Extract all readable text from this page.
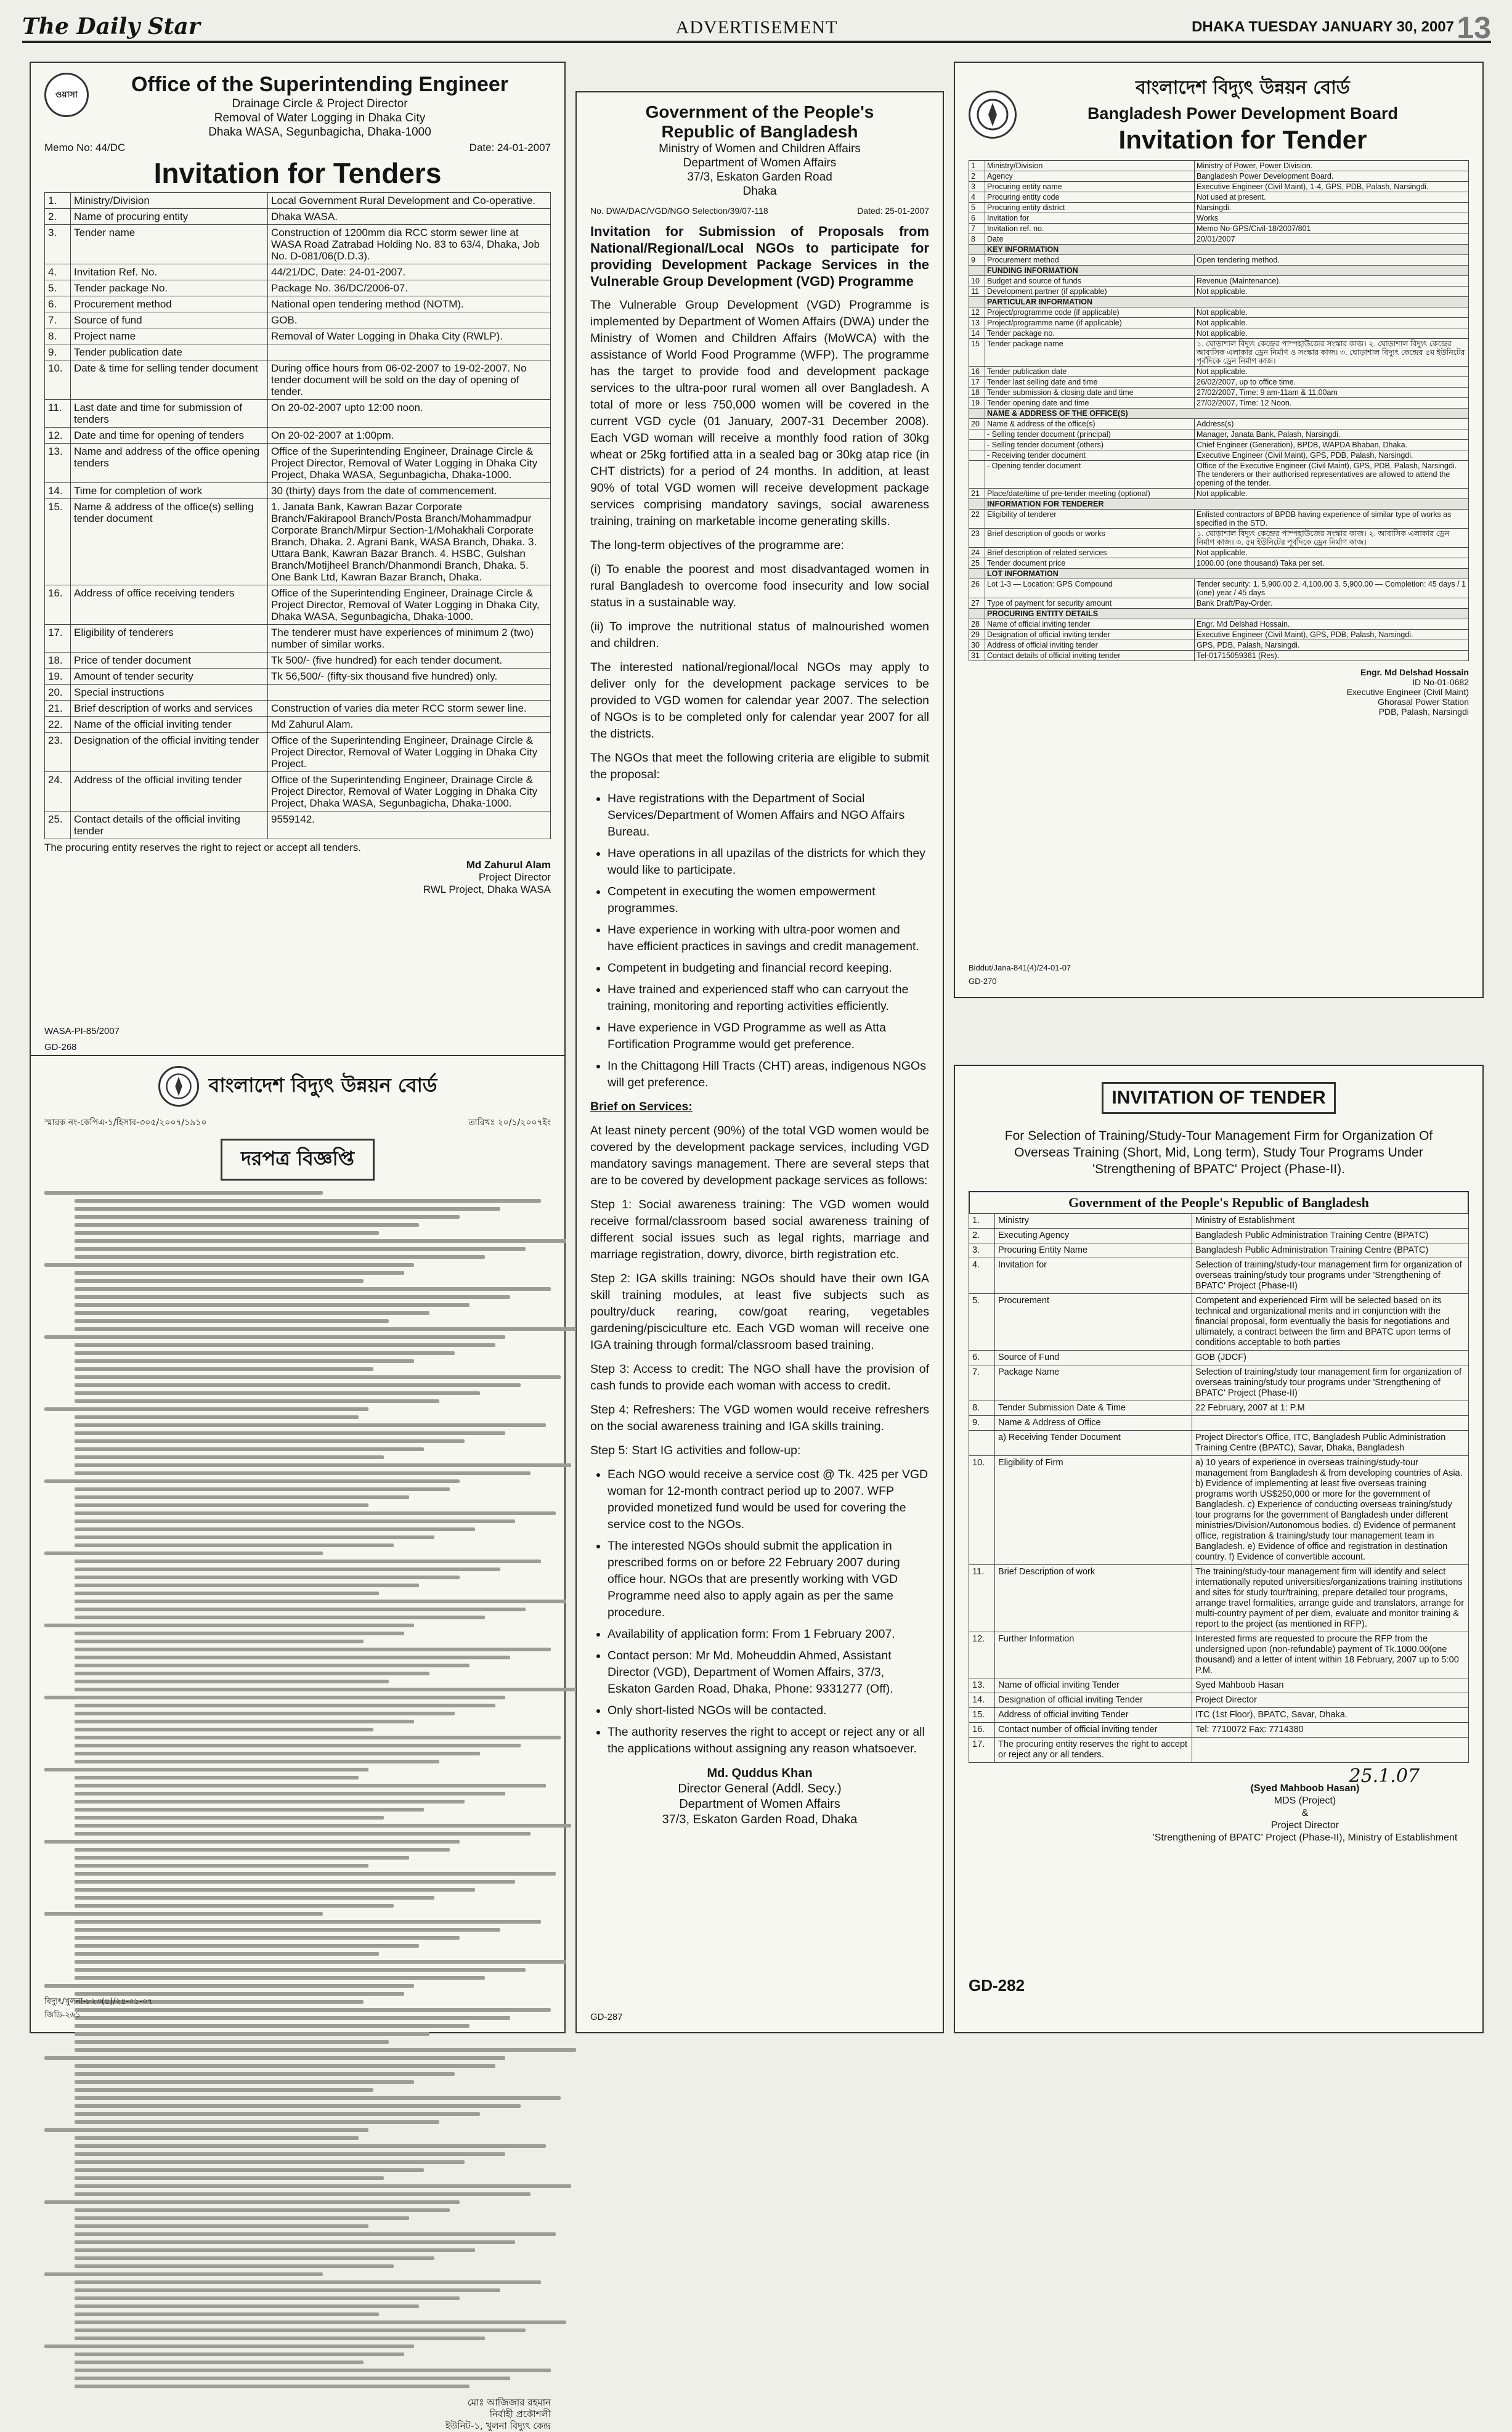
The Daily Star	ADVERTISEMENT	DHAKA TUESDAY JANUARY 30, 2007 13
ওয়াসা	Office of the Superintending Engineer
Drainage Circle & Project Director
Removal of Water Logging in Dhaka City
Dhaka WASA, Segunbagicha, Dhaka-1000
Memo No: 44/DC	Date: 24-01-2007
Invitation for Tenders
1.	Ministry/Division	Local Government Rural Development and Co-operative.
2.	Name of procuring entity	Dhaka WASA.
3.	Tender name	Construction of 1200mm dia RCC storm sewer line at WASA Road Zatrabad Holding No. 83 to 63/4, Dhaka, Job No. D-081/06(D.D.3).
4.	Invitation Ref. No.	44/21/DC, Date: 24-01-2007.
5.	Tender package No.	Package No. 36/DC/2006-07.
6.	Procurement method	National open tendering method (NOTM).
7.	Source of fund	GOB.
8.	Project name	Removal of Water Logging in Dhaka City (RWLP).
9.	Tender publication date	
10.	Date & time for selling tender document	During office hours from 06-02-2007 to 19-02-2007. No tender document will be sold on the day of opening of tender.
11.	Last date and time for submission of tenders	On 20-02-2007 upto 12:00 noon.
12.	Date and time for opening of tenders	On 20-02-2007 at 1:00pm.
13.	Name and address of the office opening tenders	Office of the Superintending Engineer, Drainage Circle & Project Director, Removal of Water Logging in Dhaka City Project, Dhaka WASA, Segunbagicha, Dhaka-1000.
14.	Time for completion of work	30 (thirty) days from the date of commencement.
15.	Name & address of the office(s) selling tender document	1. Janata Bank, Kawran Bazar Corporate Branch/Fakirapool Branch/Posta Branch/Mohammadpur Corporate Branch/Mirpur Section-1/Mohakhali Corporate Branch, Dhaka. 2. Agrani Bank, WASA Branch, Dhaka. 3. Uttara Bank, Kawran Bazar Branch. 4. HSBC, Gulshan Branch/Motijheel Branch/Dhanmondi Branch, Dhaka. 5. One Bank Ltd, Kawran Bazar Branch, Dhaka.
16.	Address of office receiving tenders	Office of the Superintending Engineer, Drainage Circle & Project Director, Removal of Water Logging in Dhaka City, Dhaka WASA, Segunbagicha, Dhaka-1000.
17.	Eligibility of tenderers	The tenderer must have experiences of minimum 2 (two) number of similar works.
18.	Price of tender document	Tk 500/- (five hundred) for each tender document.
19.	Amount of tender security	Tk 56,500/- (fifty-six thousand five hundred) only.
20.	Special instructions	
21.	Brief description of works and services	Construction of varies dia meter RCC storm sewer line.
22.	Name of the official inviting tender	Md Zahurul Alam.
23.	Designation of the official inviting tender	Office of the Superintending Engineer, Drainage Circle & Project Director, Removal of Water Logging in Dhaka City Project.
24.	Address of the official inviting tender	Office of the Superintending Engineer, Drainage Circle & Project Director, Removal of Water Logging in Dhaka City Project, Dhaka WASA, Segunbagicha, Dhaka-1000.
25.	Contact details of the official inviting tender	9559142.
The procuring entity reserves the right to reject or accept all tenders.
Md Zahurul Alam
Project Director
RWL Project, Dhaka WASA
WASA-PI-85/2007
GD-268
Government of the People's
Republic of Bangladesh
Ministry of Women and Children Affairs
Department of Women Affairs
37/3, Eskaton Garden Road
Dhaka
No. DWA/DAC/VGD/NGO Selection/39/07-118	Dated: 25-01-2007
Invitation for Submission of Proposals from National/Regional/Local NGOs to participate for providing Development Package Services in the Vulnerable Group Development (VGD) Programme
The Vulnerable Group Development (VGD) Programme is implemented by Department of Women Affairs (DWA) under the Ministry of Women and Children Affairs (MoWCA) with the assistance of World Food Programme (WFP). The programme has the target to provide food and development package services to the ultra-poor rural women all over Bangladesh. A total of more or less 750,000 women will be covered in the current VGD cycle (01 January, 2007-31 December 2008). Each VGD woman will receive a monthly food ration of 30kg wheat or 25kg fortified atta in a sealed bag or 30kg atap rice (in CHT districts) for a period of 24 months. In addition, at least 90% of total VGD women will receive development package services comprising mandatory savings, social awareness training, training on marketable income generating skills.
The long-term objectives of the programme are:
(i) To enable the poorest and most disadvantaged women in rural Bangladesh to overcome food insecurity and low social status in a sustainable way.
(ii) To improve the nutritional status of malnourished women and children.
The interested national/regional/local NGOs may apply to deliver only for the development package services to be provided to VGD women for calendar year 2007. The selection of NGOs is to be completed only for calendar year 2007 for all the districts.
The NGOs that meet the following criteria are eligible to submit the proposal:
• Have registrations with the Department of Social Services/Department of Women Affairs and NGO Affairs Bureau.
• Have operations in all upazilas of the districts for which they would like to participate.
• Competent in executing the women empowerment programmes.
• Have experience in working with ultra-poor women and have efficient practices in savings and credit management.
• Competent in budgeting and financial record keeping.
• Have trained and experienced staff who can carryout the training, monitoring and reporting activities efficiently.
• Have experience in VGD Programme as well as Atta Fortification Programme would get preference.
• In the Chittagong Hill Tracts (CHT) areas, indigenous NGOs will get preference.
Brief on Services:
At least ninety percent (90%) of the total VGD women would be covered by the development package services, including VGD mandatory savings management. There are several steps that are to be covered by development package services as follows:
Step 1: Social awareness training: The VGD women would receive formal/classroom based social awareness training of different social issues such as legal rights, marriage and marriage registration, dowry, divorce, birth registration etc.
Step 2: IGA skills training: NGOs should have their own IGA skill training modules, at least five subjects such as poultry/duck rearing, cow/goat rearing, vegetables gardening/pisciculture etc. Each VGD woman will receive one IGA training through formal/classroom based training.
Step 3: Access to credit: The NGO shall have the provision of cash funds to provide each woman with access to credit.
Step 4: Refreshers: The VGD women would receive refreshers on the social awareness training and IGA skills training.
Step 5: Start IG activities and follow-up:
• Each NGO would receive a service cost @ Tk. 425 per VGD woman for 12-month contract period up to 2007. WFP provided monetized fund would be used for covering the service cost to the NGOs.
• The interested NGOs should submit the application in prescribed forms on or before 22 February 2007 during office hour. NGOs that are presently working with VGD Programme need also to apply again as per the same procedure.
• Availability of application form: From 1 February 2007.
• Contact person: Mr Md. Moheuddin Ahmed, Assistant Director (VGD), Department of Women Affairs, 37/3, Eskaton Garden Road, Dhaka, Phone: 9331277 (Off).
• Only short-listed NGOs will be contacted.
• The authority reserves the right to accept or reject any or all the applications without assigning any reason whatsoever.
Md. Quddus Khan
Director General (Addl. Secy.)
Department of Women Affairs
37/3, Eskaton Garden Road, Dhaka
GD-287
বাংলাদেশ বিদ্যুৎ উন্নয়ন বোর্ড
Bangladesh Power Development Board
Invitation for Tender
1	Ministry/Division	Ministry of Power, Power Division.
2	Agency	Bangladesh Power Development Board.
3	Procuring entity name	Executive Engineer (Civil Maint), 1-4, GPS, PDB, Palash, Narsingdi.
4	Procuring entity code	Not used at present.
5	Procuring entity district	Narsingdi.
6	Invitation for	Works
7	Invitation ref. no.	Memo No-GPS/Civil-18/2007/801
8	Date	20/01/2007
	KEY INFORMATION	
9	Procurement method	Open tendering method.
	FUNDING INFORMATION	
10	Budget and source of funds	Revenue (Maintenance).
11	Development partner (if applicable)	Not applicable.
	PARTICULAR INFORMATION	
12	Project/programme code (if applicable)	Not applicable.
13	Project/programme name (if applicable)	Not applicable.
14	Tender package no.	Not applicable.
15	Tender package name	১. ঘোড়াশাল বিদ্যুৎ কেন্দ্রের পাম্পহাউজের সংস্কার কাজ। ২. ঘোড়াশাল বিদ্যুৎ কেন্দ্রের আবাসিক এলাকার ড্রেন নির্মাণ ও সংস্কার কাজ। ৩. ঘোড়াশাল বিদ্যুৎ কেন্দ্রের ৫ম ইউনিটের পূর্বদিকে ড্রেন নির্মাণ কাজ।
16	Tender publication date	Not applicable.
17	Tender last selling date and time	26/02/2007, up to office time.
18	Tender submission & closing date and time	27/02/2007, Time: 9 am-11am & 11.00am
19	Tender opening date and time	27/02/2007, Time: 12 Noon.
	NAME & ADDRESS OF THE OFFICE(S)	
20	Name & address of the office(s)	Address(s)
	- Selling tender document (principal)	Manager, Janata Bank, Palash, Narsingdi.
	- Selling tender document (others)	Chief Engineer (Generation), BPDB, WAPDA Bhaban, Dhaka.
	- Receiving tender document	Executive Engineer (Civil Maint), GPS, PDB, Palash, Narsingdi.
	- Opening tender document	Office of the Executive Engineer (Civil Maint), GPS, PDB, Palash, Narsingdi. The tenderers or their authorised representatives are allowed to attend the opening of the tender.
21	Place/date/time of pre-tender meeting (optional)	Not applicable.
	INFORMATION FOR TENDERER	
22	Eligibility of tenderer	Enlisted contractors of BPDB having experience of similar type of works as specified in the STD.
23	Brief description of goods or works	১. ঘোড়াশাল বিদ্যুৎ কেন্দ্রের পাম্পহাউজের সংস্কার কাজ। ২. আবাসিক এলাকার ড্রেন নির্মাণ কাজ। ৩. ৫ম ইউনিটের পূর্বদিকে ড্রেন নির্মাণ কাজ।
24	Brief description of related services	Not applicable.
25	Tender document price	1000.00 (one thousand) Taka per set.
	LOT INFORMATION	
26	Lot 1-3 — Location: GPS Compound	Tender security: 1. 5,900.00 2. 4,100.00 3. 5,900.00 — Completion: 45 days / 1 (one) year / 45 days
27	Type of payment for security amount	Bank Draft/Pay-Order.
	PROCURING ENTITY DETAILS	
28	Name of official inviting tender	Engr. Md Delshad Hossain.
29	Designation of official inviting tender	Executive Engineer (Civil Maint), GPS, PDB, Palash, Narsingdi.
30	Address of official inviting tender	GPS, PDB, Palash, Narsingdi.
31	Contact details of official inviting tender	Tel-01715059361 (Res).
Engr. Md Delshad Hossain
ID No-01-0682
Executive Engineer (Civil Maint)
Ghorasal Power Station
PDB, Palash, Narsingdi
Biddut/Jana-841(4)/24-01-07
GD-270
বাংলাদেশ বিদ্যুৎ উন্নয়ন বোর্ড
স্মারক নং-কেপিএ-১/হিসাব-৩০৫/২০০৭/১৯১০	তারিখঃ ২০/১/২০০৭ইং
দরপত্র বিজ্ঞপ্তি
মোঃ আজিজার রহমান
নির্বাহী প্রকৌশলী
ইউনিট-১, খুলনা বিদ্যুৎ কেন্দ্র
বিদ্যুৎ/খুলনা-৮২৩(৪)/২৪-০১-০৭
জিডি-২৬১
INVITATION OF TENDER
For Selection of Training/Study-Tour Management Firm for Organization Of Overseas Training (Short, Mid, Long term), Study Tour Programs Under 'Strengthening of BPATC' Project (Phase-II).
Government of the People's Republic of Bangladesh
1.	Ministry	Ministry of Establishment
2.	Executing Agency	Bangladesh Public Administration Training Centre (BPATC)
3.	Procuring Entity Name	Bangladesh Public Administration Training Centre (BPATC)
4.	Invitation for	Selection of training/study-tour management firm for organization of overseas training/study tour programs under 'Strengthening of BPATC' Project (Phase-II)
5.	Procurement	Competent and experienced Firm will be selected based on its technical and organizational merits and in conjunction with the financial proposal, form eventually the basis for negotiations and ultimately, a contract between the firm and BPATC upon terms of conditions acceptable to both parties
6.	Source of Fund	GOB (JDCF)
7.	Package Name	Selection of training/study tour management firm for organization of overseas training/study tour programs under 'Strengthening of BPATC' Project (Phase-II)
8.	Tender Submission Date & Time	22 February, 2007 at 1: P.M
9.	Name & Address of Office	
	a) Receiving Tender Document	Project Director's Office, ITC, Bangladesh Public Administration Training Centre (BPATC), Savar, Dhaka, Bangladesh
10.	Eligibility of Firm	a) 10 years of experience in overseas training/study-tour management from Bangladesh & from developing countries of Asia. b) Evidence of implementing at least five overseas training programs worth US$250,000 or more for the government of Bangladesh. c) Experience of conducting overseas training/study tour programs for the government of Bangladesh under different ministries/Division/Autonomous bodies. d) Evidence of permanent office, registration & training/study tour management team in Bangladesh. e) Evidence of office and registration in destination country. f) Evidence of convertible account.
11.	Brief Description of work	The training/study-tour management firm will identify and select internationally reputed universities/organizations training institutions and sites for study tour/training, prepare detailed tour programs, arrange travel formalities, arrange guide and translators, arrange for multi-country payment of per diem, evaluate and monitor training & report to the project (as mentioned in RFP).
12.	Further Information	Interested firms are requested to procure the RFP from the undersigned upon (non-refundable) payment of Tk.1000.00(one thousand) and a letter of intent within 18 February, 2007 up to 5:00 P.M.
13.	Name of official inviting Tender	Syed Mahboob Hasan
14.	Designation of official inviting Tender	Project Director
15.	Address of official inviting Tender	ITC (1st Floor), BPATC, Savar, Dhaka.
16.	Contact number of official inviting tender	Tel: 7710072 Fax: 7714380
17.	The procuring entity reserves the right to accept or reject any or all tenders.	
25.1.07
(Syed Mahboob Hasan)
MDS (Project)
&
Project Director
'Strengthening of BPATC' Project (Phase-II), Ministry of Establishment
GD-282
